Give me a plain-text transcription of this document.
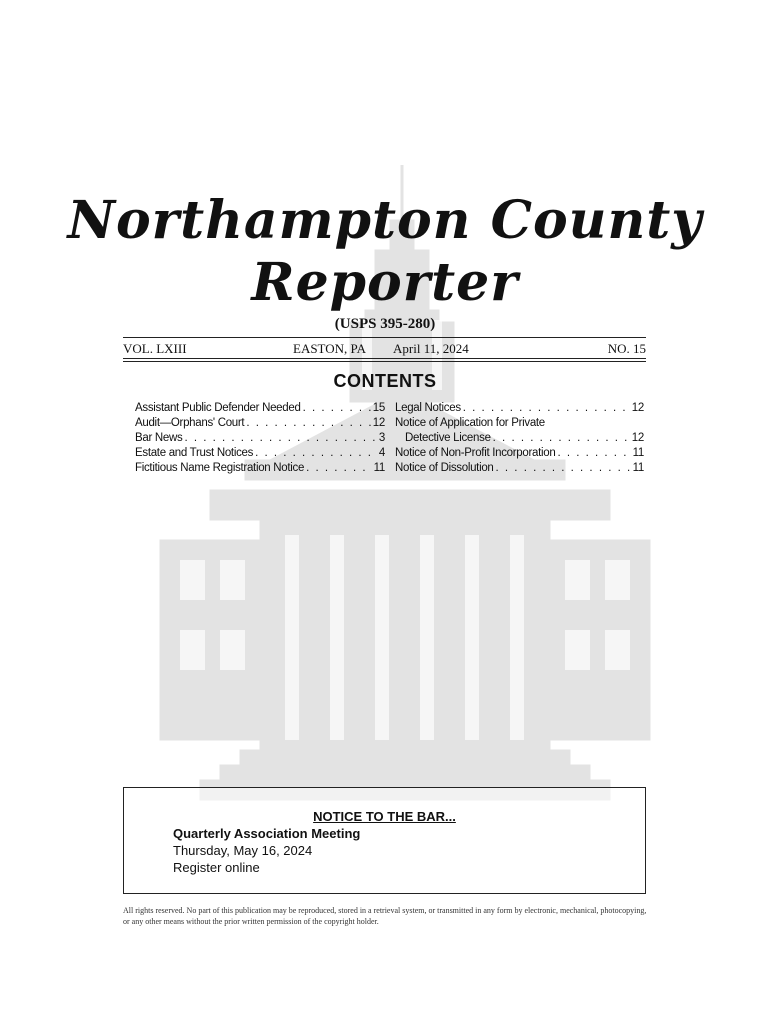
Northampton County
Reporter
(USPS 395-280)
VOL. LXIII	EASTON, PA April 11, 2024	NO. 15
CONTENTS
Assistant Public Defender Needed . . .	15
Audit—Orphans' Court . . .	12
Bar News . . .	3
Estate and Trust Notices . . .	4
Fictitious Name Registration Notice . . .	11
Legal Notices . . .	12
Notice of Application for Private
Detective License . . .	12
Notice of Non-Profit Incorporation . . .	11
Notice of Dissolution . . .	11
NOTICE TO THE BAR...
Quarterly Association Meeting
Thursday, May 16, 2024
Register online
All rights reserved. No part of this publication may be reproduced, stored in a retrieval system, or transmitted in any form by electronic, mechanical, photocopying, or any other means without the prior written permission of the copyright holder.
